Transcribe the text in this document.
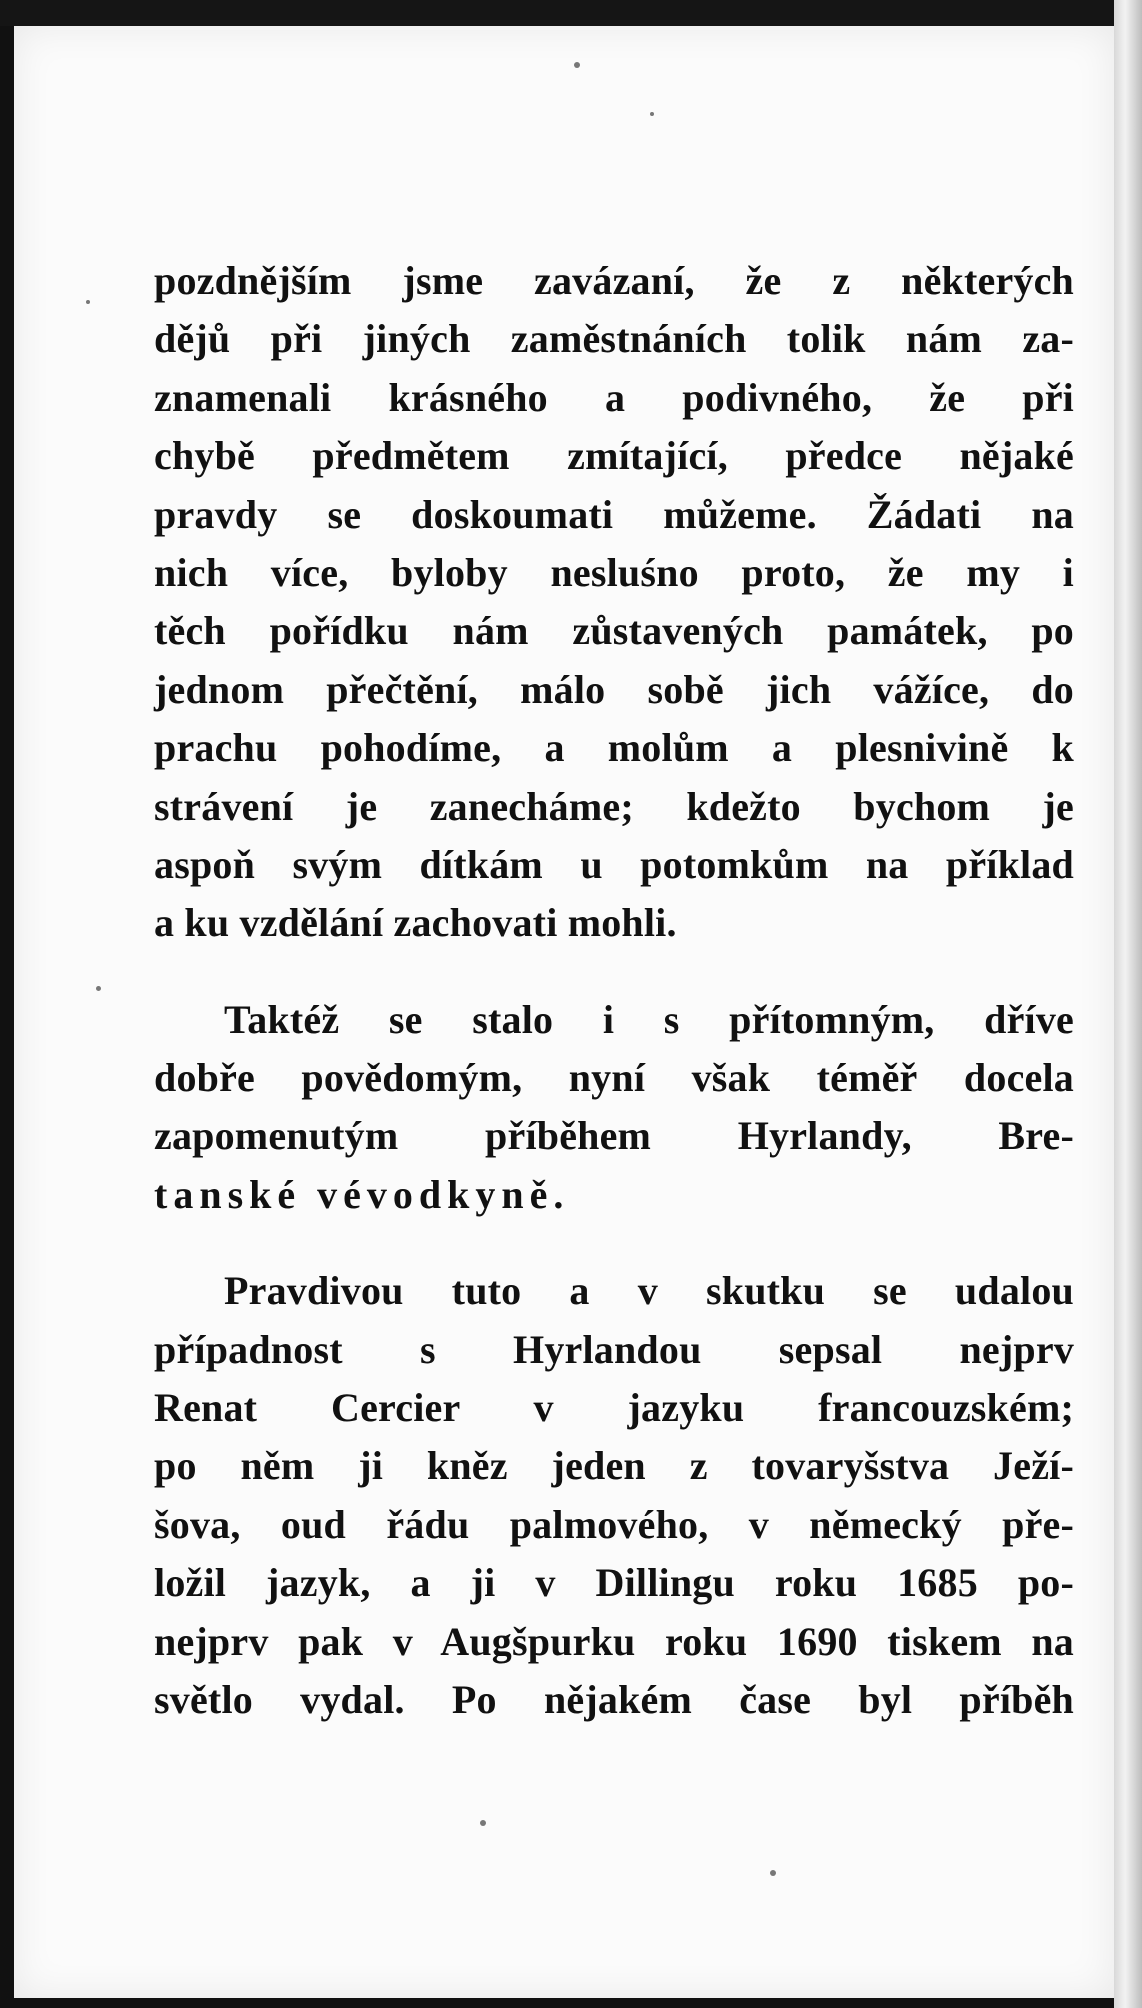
pozdnějším jsme zavázaní, že z některých
dějů při jiných zaměstnáních tolik nám za-
znamenali krásného a podivného, že při
chybě předmětem zmítající, předce nějaké
pravdy se doskoumati můžeme. Žádati na
nich více, byloby nesluśno proto, že my i
těch pořídku nám zůstavených památek, po
jednom přečtění, málo sobě jich vážíce, do
prachu pohodíme, a molům a plesnivině k
strávení je zanecháme; kdežto bychom je
aspoň svým dítkám u potomkům na příklad
a ku vzdělání zachovati mohli.
Taktéž se stalo i s přítomným, dříve
dobře povědomým, nyní však téměř docela
zapomenutým příběhem Hyrlandy, Bre-
tanské vévodkyně.
Pravdivou tuto a v skutku se udalou
případnost s Hyrlandou sepsal nejprv
Renat Cercier v jazyku francouzském;
po něm ji kněz jeden z tovaryšstva Ježí-
šova, oud řádu palmového, v německý pře-
ložil jazyk, a ji v Dillingu roku 1685 po-
nejprv pak v Augšpurku roku 1690 tiskem na
světlo vydal. Po nějakém čase byl příběh
